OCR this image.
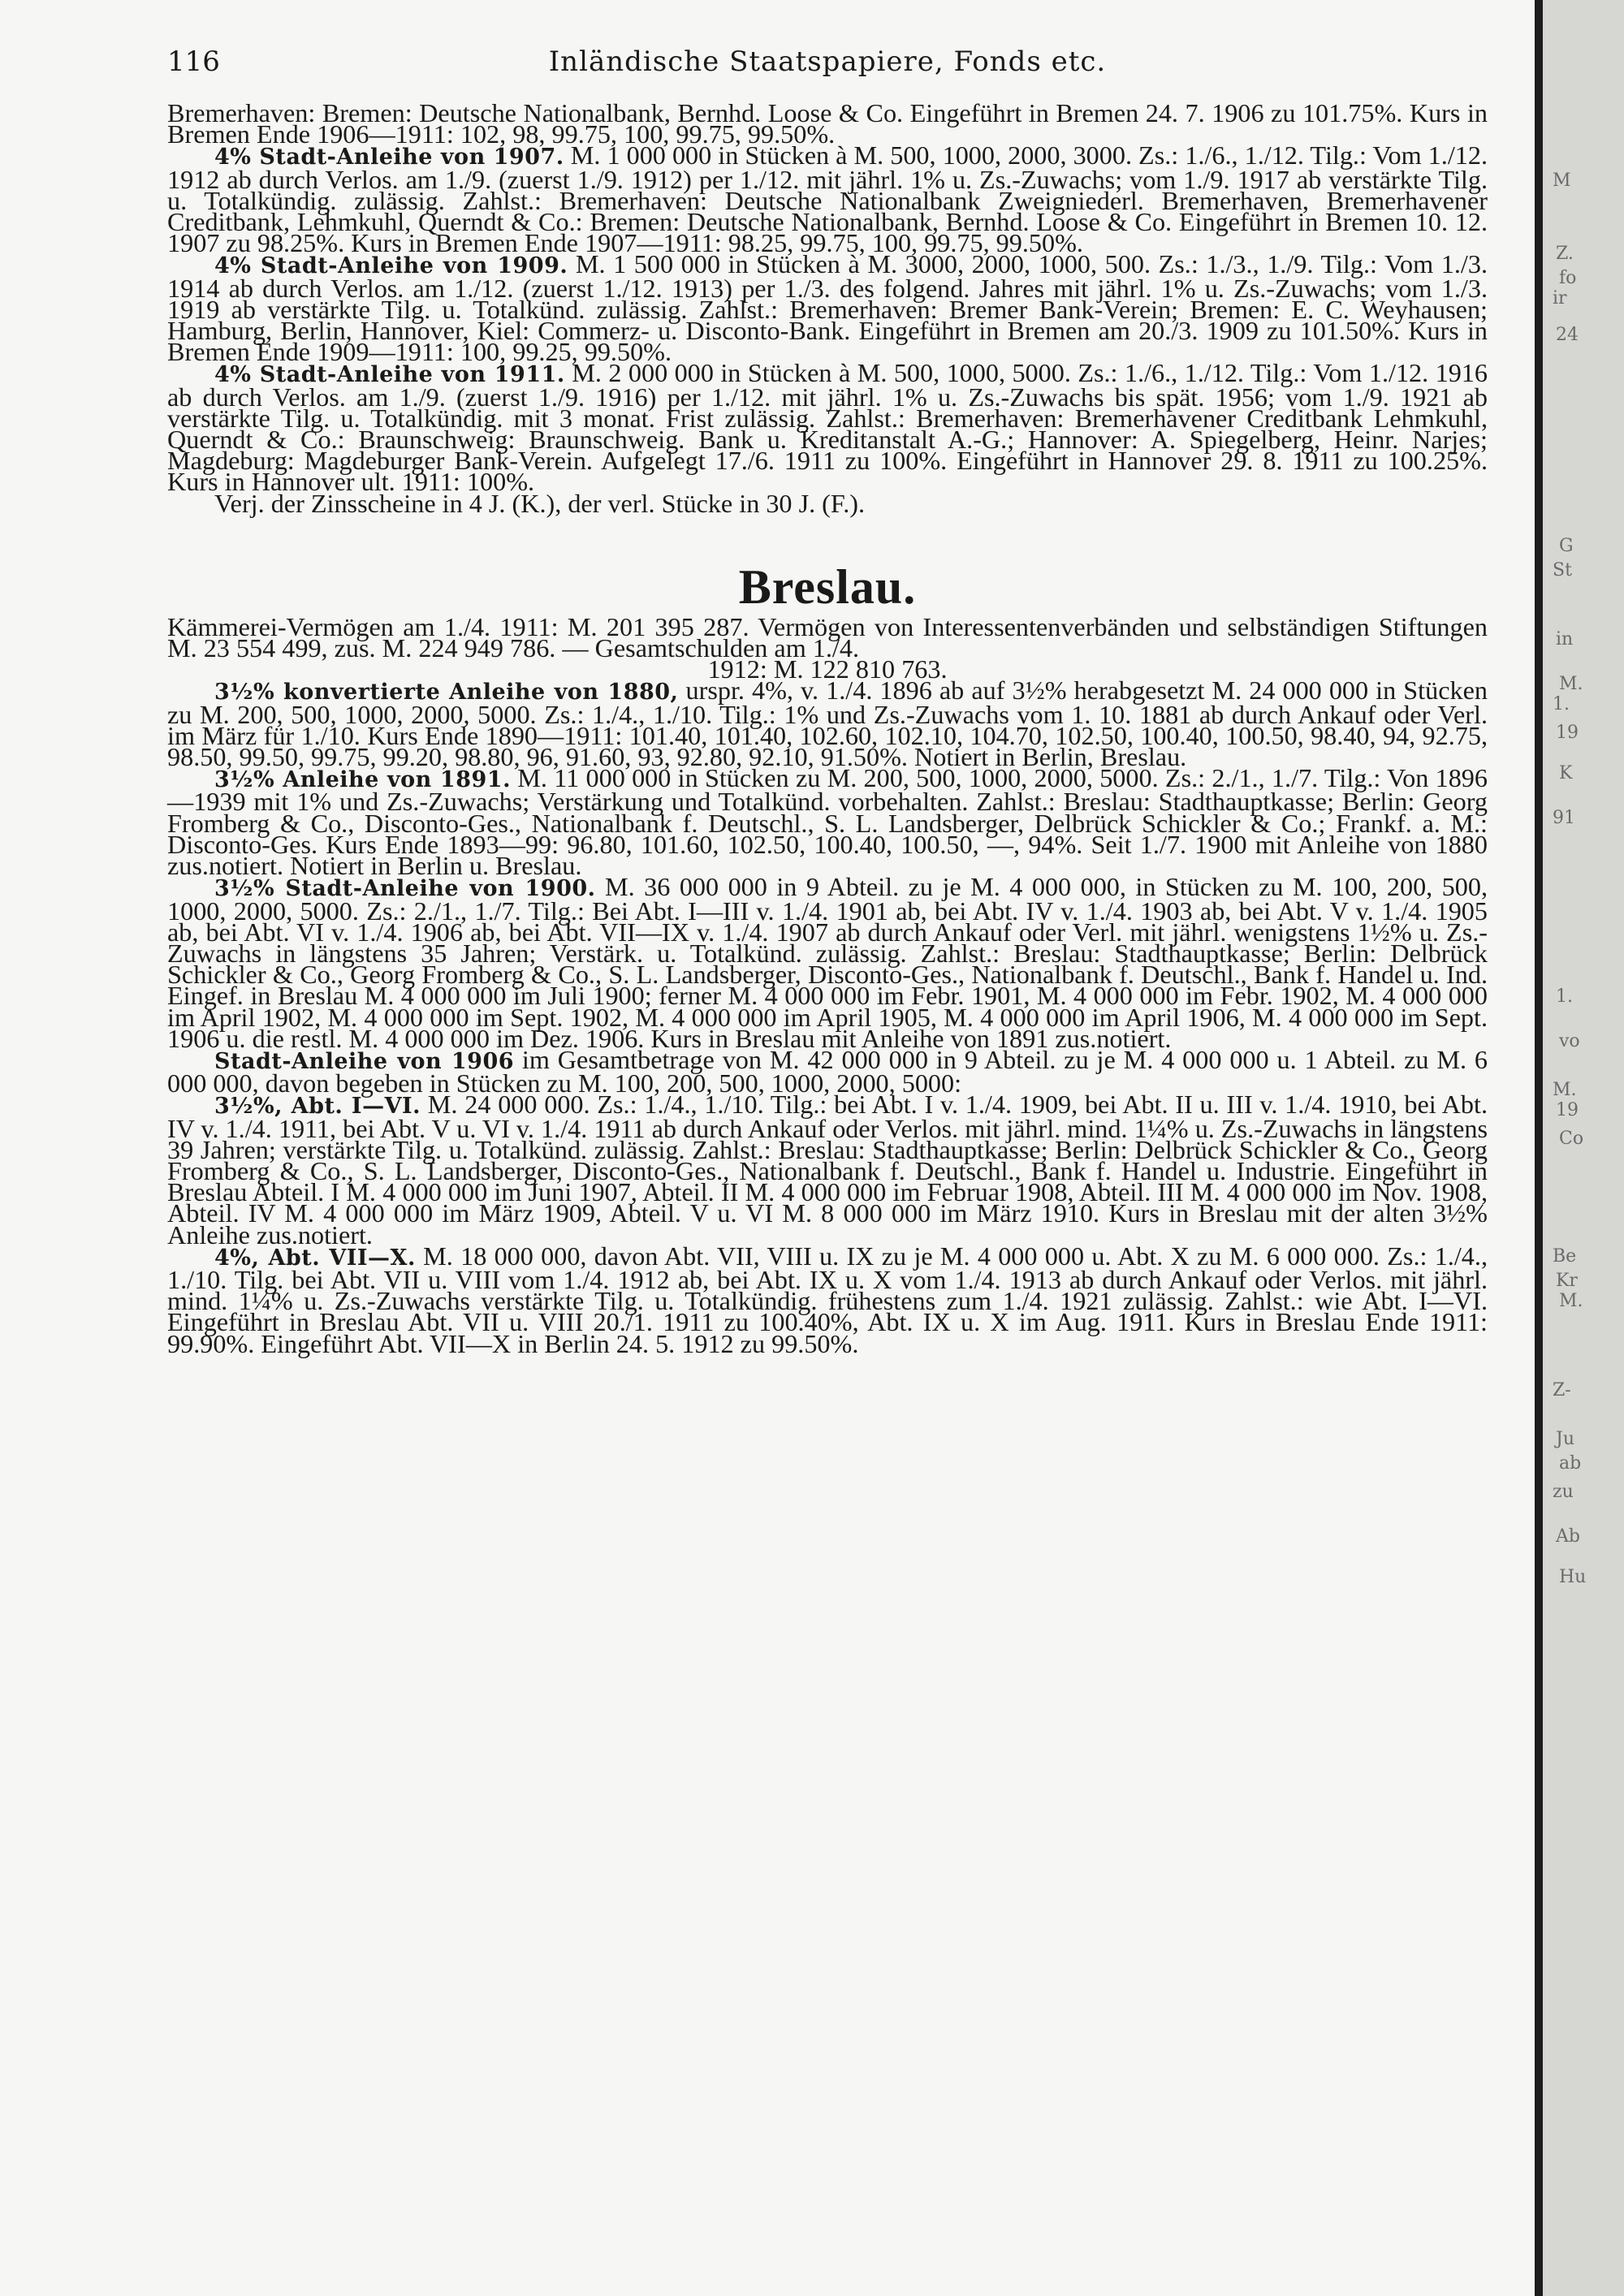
116	Inländische Staatspapiere, Fonds etc.

Bremerhaven: Bremen: Deutsche Nationalbank, Bernhd. Loose & Co. Eingeführt in Bremen 24. 7. 1906 zu 101.75%. Kurs in Bremen Ende 1906—1911: 102, 98, 99.75, 100, 99.75, 99.50%.

4% Stadt-Anleihe von 1907. M. 1 000 000 in Stücken à M. 500, 1000, 2000, 3000. Zs.: 1./6., 1./12. Tilg.: Vom 1./12. 1912 ab durch Verlos. am 1./9. (zuerst 1./9. 1912) per 1./12. mit jährl. 1% u. Zs.-Zuwachs; vom 1./9. 1917 ab verstärkte Tilg. u. Totalkündig. zulässig. Zahlst.: Bremerhaven: Deutsche Nationalbank Zweigniederl. Bremerhaven, Bremerhavener Creditbank, Lehmkuhl, Querndt & Co.: Bremen: Deutsche Nationalbank, Bernhd. Loose & Co. Eingeführt in Bremen 10. 12. 1907 zu 98.25%. Kurs in Bremen Ende 1907—1911: 98.25, 99.75, 100, 99.75, 99.50%.

4% Stadt-Anleihe von 1909. M. 1 500 000 in Stücken à M. 3000, 2000, 1000, 500. Zs.: 1./3., 1./9. Tilg.: Vom 1./3. 1914 ab durch Verlos. am 1./12. (zuerst 1./12. 1913) per 1./3. des folgend. Jahres mit jährl. 1% u. Zs.-Zuwachs; vom 1./3. 1919 ab verstärkte Tilg. u. Totalkünd. zulässig. Zahlst.: Bremerhaven: Bremer Bank-Verein; Bremen: E. C. Weyhausen; Hamburg, Berlin, Hannover, Kiel: Commerz- u. Disconto-Bank. Eingeführt in Bremen am 20./3. 1909 zu 101.50%. Kurs in Bremen Ende 1909—1911: 100, 99.25, 99.50%.

4% Stadt-Anleihe von 1911. M. 2 000 000 in Stücken à M. 500, 1000, 5000. Zs.: 1./6., 1./12. Tilg.: Vom 1./12. 1916 ab durch Verlos. am 1./9. (zuerst 1./9. 1916) per 1./12. mit jährl. 1% u. Zs.-Zuwachs bis spät. 1956; vom 1./9. 1921 ab verstärkte Tilg. u. Totalkündig. mit 3 monat. Frist zulässig. Zahlst.: Bremerhaven: Bremerhavener Creditbank Lehmkuhl, Querndt & Co.: Braunschweig: Braunschweig. Bank u. Kreditanstalt A.-G.; Hannover: A. Spiegelberg, Heinr. Narjes; Magdeburg: Magdeburger Bank-Verein. Aufgelegt 17./6. 1911 zu 100%. Eingeführt in Hannover 29. 8. 1911 zu 100.25%. Kurs in Hannover ult. 1911: 100%.

Verj. der Zinsscheine in 4 J. (K.), der verl. Stücke in 30 J. (F.).

Breslau.

Kämmerei-Vermögen am 1./4. 1911: M. 201 395 287. Vermögen von Interessentenverbänden und selbständigen Stiftungen M. 23 554 499, zus. M. 224 949 786. — Gesamtschulden am 1./4.

1912: M. 122 810 763.

3½% konvertierte Anleihe von 1880, urspr. 4%, v. 1./4. 1896 ab auf 3½% herabgesetzt M. 24 000 000 in Stücken zu M. 200, 500, 1000, 2000, 5000. Zs.: 1./4., 1./10. Tilg.: 1% und Zs.-Zuwachs vom 1. 10. 1881 ab durch Ankauf oder Verl. im März für 1./10. Kurs Ende 1890—1911: 101.40, 101.40, 102.60, 102.10, 104.70, 102.50, 100.40, 100.50, 98.40, 94, 92.75, 98.50, 99.50, 99.75, 99.20, 98.80, 96, 91.60, 93, 92.80, 92.10, 91.50%. Notiert in Berlin, Breslau.

3½% Anleihe von 1891. M. 11 000 000 in Stücken zu M. 200, 500, 1000, 2000, 5000. Zs.: 2./1., 1./7. Tilg.: Von 1896—1939 mit 1% und Zs.-Zuwachs; Verstärkung und Totalkünd. vorbehalten. Zahlst.: Breslau: Stadthauptkasse; Berlin: Georg Fromberg & Co., Disconto-Ges., Nationalbank f. Deutschl., S. L. Landsberger, Delbrück Schickler & Co.; Frankf. a. M.: Disconto-Ges. Kurs Ende 1893—99: 96.80, 101.60, 102.50, 100.40, 100.50, —, 94%. Seit 1./7. 1900 mit Anleihe von 1880 zus.notiert. Notiert in Berlin u. Breslau.

3½% Stadt-Anleihe von 1900. M. 36 000 000 in 9 Abteil. zu je M. 4 000 000, in Stücken zu M. 100, 200, 500, 1000, 2000, 5000. Zs.: 2./1., 1./7. Tilg.: Bei Abt. I—III v. 1./4. 1901 ab, bei Abt. IV v. 1./4. 1903 ab, bei Abt. V v. 1./4. 1905 ab, bei Abt. VI v. 1./4. 1906 ab, bei Abt. VII—IX v. 1./4. 1907 ab durch Ankauf oder Verl. mit jährl. wenigstens 1½% u. Zs.-Zuwachs in längstens 35 Jahren; Verstärk. u. Totalkünd. zulässig. Zahlst.: Breslau: Stadthauptkasse; Berlin: Delbrück Schickler & Co., Georg Fromberg & Co., S. L. Landsberger, Disconto-Ges., Nationalbank f. Deutschl., Bank f. Handel u. Ind. Eingef. in Breslau M. 4 000 000 im Juli 1900; ferner M. 4 000 000 im Febr. 1901, M. 4 000 000 im Febr. 1902, M. 4 000 000 im April 1902, M. 4 000 000 im Sept. 1902, M. 4 000 000 im April 1905, M. 4 000 000 im April 1906, M. 4 000 000 im Sept. 1906 u. die restl. M. 4 000 000 im Dez. 1906. Kurs in Breslau mit Anleihe von 1891 zus.notiert.

Stadt-Anleihe von 1906 im Gesamtbetrage von M. 42 000 000 in 9 Abteil. zu je M. 4 000 000 u. 1 Abteil. zu M. 6 000 000, davon begeben in Stücken zu M. 100, 200, 500, 1000, 2000, 5000:

3½%, Abt. I—VI. M. 24 000 000. Zs.: 1./4., 1./10. Tilg.: bei Abt. I v. 1./4. 1909, bei Abt. II u. III v. 1./4. 1910, bei Abt. IV v. 1./4. 1911, bei Abt. V u. VI v. 1./4. 1911 ab durch Ankauf oder Verlos. mit jährl. mind. 1¼% u. Zs.-Zuwachs in längstens 39 Jahren; verstärkte Tilg. u. Totalkünd. zulässig. Zahlst.: Breslau: Stadthauptkasse; Berlin: Delbrück Schickler & Co., Georg Fromberg & Co., S. L. Landsberger, Disconto-Ges., Nationalbank f. Deutschl., Bank f. Handel u. Industrie. Eingeführt in Breslau Abteil. I M. 4 000 000 im Juni 1907, Abteil. II M. 4 000 000 im Februar 1908, Abteil. III M. 4 000 000 im Nov. 1908, Abteil. IV M. 4 000 000 im März 1909, Abteil. V u. VI M. 8 000 000 im März 1910. Kurs in Breslau mit der alten 3½% Anleihe zus.notiert.

4%, Abt. VII—X. M. 18 000 000, davon Abt. VII, VIII u. IX zu je M. 4 000 000 u. Abt. X zu M. 6 000 000. Zs.: 1./4., 1./10. Tilg. bei Abt. VII u. VIII vom 1./4. 1912 ab, bei Abt. IX u. X vom 1./4. 1913 ab durch Ankauf oder Verlos. mit jährl. mind. 1¼% u. Zs.-Zuwachs verstärkte Tilg. u. Totalkündig. frühestens zum 1./4. 1921 zulässig. Zahlst.: wie Abt. I—VI. Eingeführt in Breslau Abt. VII u. VIII 20./1. 1911 zu 100.40%, Abt. IX u. X im Aug. 1911. Kurs in Breslau Ende 1911: 99.90%. Eingeführt Abt. VII—X in Berlin 24. 5. 1912 zu 99.50%.

M
Z.
fo
ir
24
G
St
in
M.
1.
19
K
91
1.
vo
M.
19
Co
Be
Kr
M.
Z-
Ju
ab
zu
Ab
Hu
